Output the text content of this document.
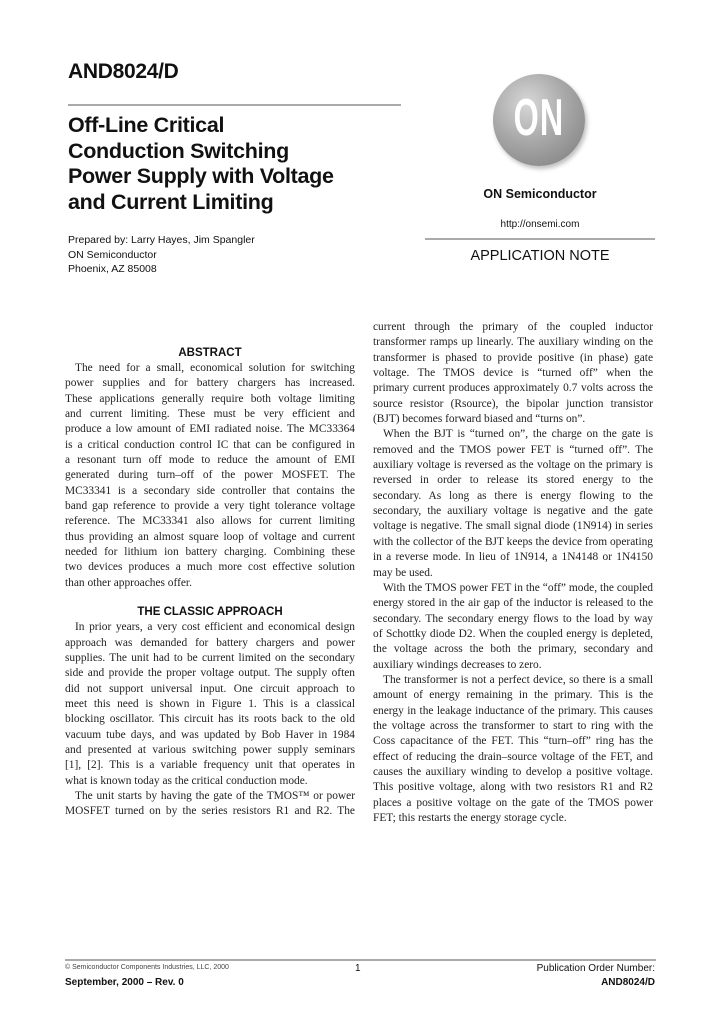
AND8024/D
Off-Line Critical
Conduction Switching
Power Supply with Voltage
and Current Limiting
Prepared by: Larry Hayes, Jim Spangler
ON Semiconductor
Phoenix, AZ 85008
ON
ON Semiconductor
http://onsemi.com
APPLICATION NOTE
ABSTRACT
The need for a small, economical solution for switching
power supplies and for battery chargers has increased.
These applications generally require both voltage limiting
and current limiting. These must be very efficient and
produce a low amount of EMI radiated noise. The MC33364
is a critical conduction control IC that can be configured in
a resonant turn off mode to reduce the amount of EMI
generated during turn–off of the power MOSFET. The
MC33341 is a secondary side controller that contains the
band gap reference to provide a very tight tolerance voltage
reference. The MC33341 also allows for current limiting
thus providing an almost square loop of voltage and current
needed for lithium ion battery charging. Combining these
two devices produces a much more cost effective solution
than other approaches offer.
THE CLASSIC APPROACH
In prior years, a very cost efficient and economical design
approach was demanded for battery chargers and power
supplies. The unit had to be current limited on the secondary
side and provide the proper voltage output. The supply often
did not support universal input. One circuit approach to
meet this need is shown in Figure 1. This is a classical
blocking oscillator. This circuit has its roots back to the old
vacuum tube days, and was updated by Bob Haver in 1984
and presented at various switching power supply seminars
[1], [2]. This is a variable frequency unit that operates in
what is known today as the critical conduction mode.
The unit starts by having the gate of the TMOS™ or power
MOSFET turned on by the series resistors R1 and R2. The
current through the primary of the coupled inductor
transformer ramps up linearly. The auxiliary winding on the
transformer is phased to provide positive (in phase) gate
voltage. The TMOS device is “turned off” when the
primary current produces approximately 0.7 volts across the
source resistor (Rsource), the bipolar junction transistor
(BJT) becomes forward biased and “turns on”.
When the BJT is “turned on”, the charge on the gate is
removed and the TMOS power FET is “turned off”. The
auxiliary voltage is reversed as the voltage on the primary is
reversed in order to release its stored energy to the
secondary. As long as there is energy flowing to the
secondary, the auxiliary voltage is negative and the gate
voltage is negative. The small signal diode (1N914) in series
with the collector of the BJT keeps the device from operating
in a reverse mode. In lieu of 1N914, a 1N4148 or 1N4150
may be used.
With the TMOS power FET in the “off” mode, the coupled
energy stored in the air gap of the inductor is released to the
secondary. The secondary energy flows to the load by way
of Schottky diode D2. When the coupled energy is depleted,
the voltage across the both the primary, secondary and
auxiliary windings decreases to zero.
The transformer is not a perfect device, so there is a small
amount of energy remaining in the primary. This is the
energy in the leakage inductance of the primary. This causes
the voltage across the transformer to start to ring with the
Coss capacitance of the FET. This “turn–off” ring has the
effect of reducing the drain–source voltage of the FET, and
causes the auxiliary winding to develop a positive voltage.
This positive voltage, along with two resistors R1 and R2
places a positive voltage on the gate of the TMOS power
FET; this restarts the energy storage cycle.
© Semiconductor Components Industries, LLC, 2000	1	Publication Order Number:
September, 2000 – Rev. 0	AND8024/D
